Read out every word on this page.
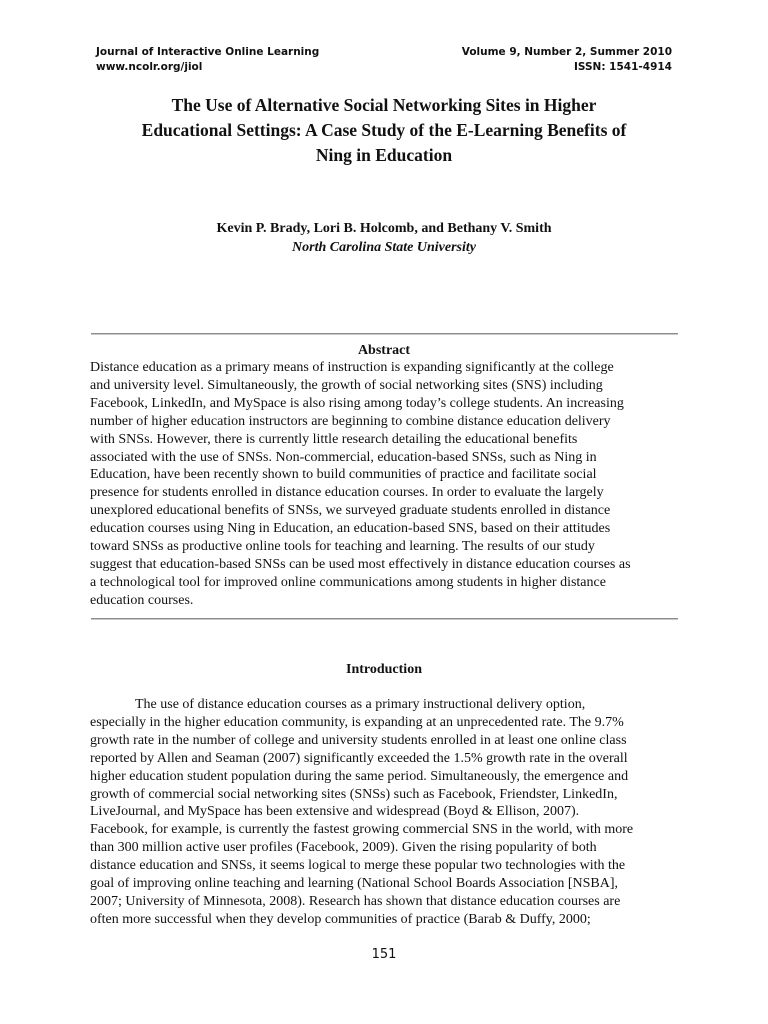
Journal of Interactive Online Learning	Volume 9, Number 2, Summer 2010
www.ncolr.org/jiol	ISSN: 1541-4914
The Use of Alternative Social Networking Sites in Higher
Educational Settings: A Case Study of the E-Learning Benefits of
Ning in Education
Kevin P. Brady, Lori B. Holcomb, and Bethany V. Smith
North Carolina State University
Abstract
Distance education as a primary means of instruction is expanding significantly at the college
and university level. Simultaneously, the growth of social networking sites (SNS) including
Facebook, LinkedIn, and MySpace is also rising among today’s college students. An increasing
number of higher education instructors are beginning to combine distance education delivery
with SNSs. However, there is currently little research detailing the educational benefits
associated with the use of SNSs. Non-commercial, education-based SNSs, such as Ning in
Education, have been recently shown to build communities of practice and facilitate social
presence for students enrolled in distance education courses. In order to evaluate the largely
unexplored educational benefits of SNSs, we surveyed graduate students enrolled in distance
education courses using Ning in Education, an education-based SNS, based on their attitudes
toward SNSs as productive online tools for teaching and learning. The results of our study
suggest that education-based SNSs can be used most effectively in distance education courses as
a technological tool for improved online communications among students in higher distance
education courses.
Introduction
The use of distance education courses as a primary instructional delivery option,
especially in the higher education community, is expanding at an unprecedented rate. The 9.7%
growth rate in the number of college and university students enrolled in at least one online class
reported by Allen and Seaman (2007) significantly exceeded the 1.5% growth rate in the overall
higher education student population during the same period. Simultaneously, the emergence and
growth of commercial social networking sites (SNSs) such as Facebook, Friendster, LinkedIn,
LiveJournal, and MySpace has been extensive and widespread (Boyd & Ellison, 2007).
Facebook, for example, is currently the fastest growing commercial SNS in the world, with more
than 300 million active user profiles (Facebook, 2009). Given the rising popularity of both
distance education and SNSs, it seems logical to merge these popular two technologies with the
goal of improving online teaching and learning (National School Boards Association [NSBA],
2007; University of Minnesota, 2008). Research has shown that distance education courses are
often more successful when they develop communities of practice (Barab & Duffy, 2000;
151
